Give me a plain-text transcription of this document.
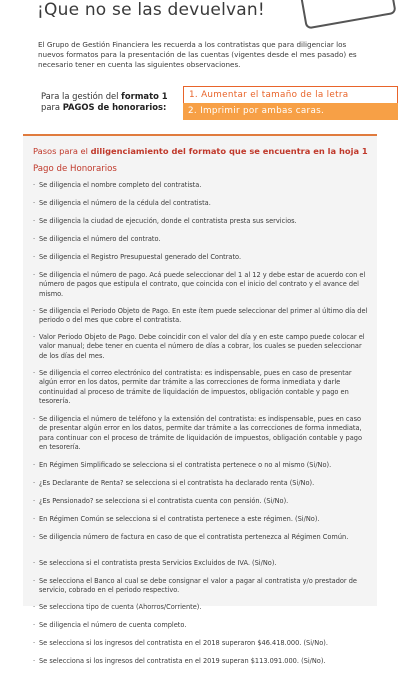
¡Que no se las devuelvan!

El Grupo de Gestión Financiera les recuerda a los contratistas que para diligenciar los nuevos formatos para la presentación de las cuentas (vigentes desde el mes pasado) es necesario tener en cuenta las siguientes observaciones.

Para la gestión del formato 1 para PAGOS de honorarios:
1. Aumentar el tamaño de la letra
2. Imprimir por ambas caras.
Pasos para el diligenciamiento del formato que se encuentra en la hoja 1
Pago de Honorarios
· Se diligencia el nombre completo del contratista.
· Se diligencia el número de la cédula del contratista.
· Se diligencia la ciudad de ejecución, donde el contratista presta sus servicios.
· Se diligencia el número del contrato.
· Se diligencia el Registro Presupuestal generado del Contrato.
· Se diligencia el número de pago. Acá puede seleccionar del 1 al 12 y debe estar de acuerdo con el número de pagos que estipula el contrato, que coincida con el inicio del contrato y el avance del mismo.
· Se diligencia el Periodo Objeto de Pago. En este ítem puede seleccionar del primer al último día del periodo o del mes que cobre el contratista.
· Valor Periodo Objeto de Pago. Debe coincidir con el valor del día y en este campo puede colocar el valor manual; debe tener en cuenta el número de días a cobrar, los cuales se pueden seleccionar de los días del mes.
· Se diligencia el correo electrónico del contratista: es indispensable, pues en caso de presentar algún error en los datos, permite dar trámite a las correcciones de forma inmediata y darle continuidad al proceso de trámite de liquidación de impuestos, obligación contable y pago en tesorería.
· Se diligencia el número de teléfono y la extensión del contratista: es indispensable, pues en caso de presentar algún error en los datos, permite dar trámite a las correcciones de forma inmediata, para continuar con el proceso de trámite de liquidación de impuestos, obligación contable y pago en tesorería.
· En Régimen Simplificado se selecciona si el contratista pertenece o no al mismo (Si/No).
· ¿Es Declarante de Renta? se selecciona si el contratista ha declarado renta (Si/No).
· ¿Es Pensionado? se selecciona si el contratista cuenta con pensión. (Si/No).
· En Régimen Común se selecciona si el contratista pertenece a este régimen. (Si/No).
· Se diligencia número de factura en caso de que el contratista pertenezca al Régimen Común.
· Se selecciona si el contratista presta Servicios Excluidos de IVA. (Si/No).
· Se selecciona el Banco al cual se debe consignar el valor a pagar al contratista y/o prestador de servicio, cobrado en el periodo respectivo.
· Se selecciona tipo de cuenta (Ahorros/Corriente).
· Se diligencia el número de cuenta completo.
· Se selecciona si los ingresos del contratista en el 2018 superaron $46.418.000. (Si/No).
· Se selecciona si los ingresos del contratista en el 2019 superan $113.091.000. (Si/No).
